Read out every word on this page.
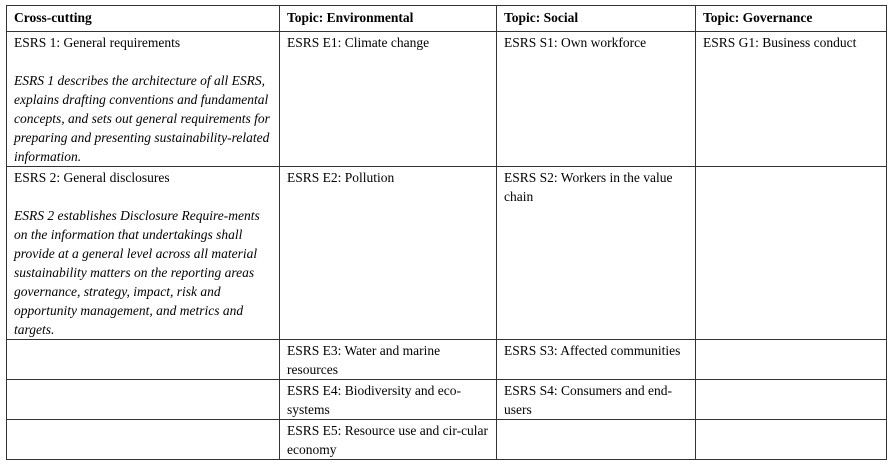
Cross-cutting	Topic: Environmental	Topic: Social	Topic: Governance

ESRS 1: General requirements
ESRS 1 describes the architecture of all ESRS, explains drafting conventions and fundamental concepts, and sets out general requirements for preparing and presenting sustainability-related information.	ESRS E1: Climate change	ESRS S1: Own workforce	ESRS G1: Business conduct

ESRS 2: General disclosures
ESRS 2 establishes Disclosure Require-ments on the information that undertakings shall provide at a general level across all material sustainability matters on the reporting areas governance, strategy, impact, risk and opportunity management, and metrics and targets.	ESRS E2: Pollution	ESRS S2: Workers in the value chain	
	ESRS E3: Water and marine resources	ESRS S3: Affected communities	
	ESRS E4: Biodiversity and eco-systems	ESRS S4: Consumers and end-users	
	ESRS E5: Resource use and cir-cular economy		
